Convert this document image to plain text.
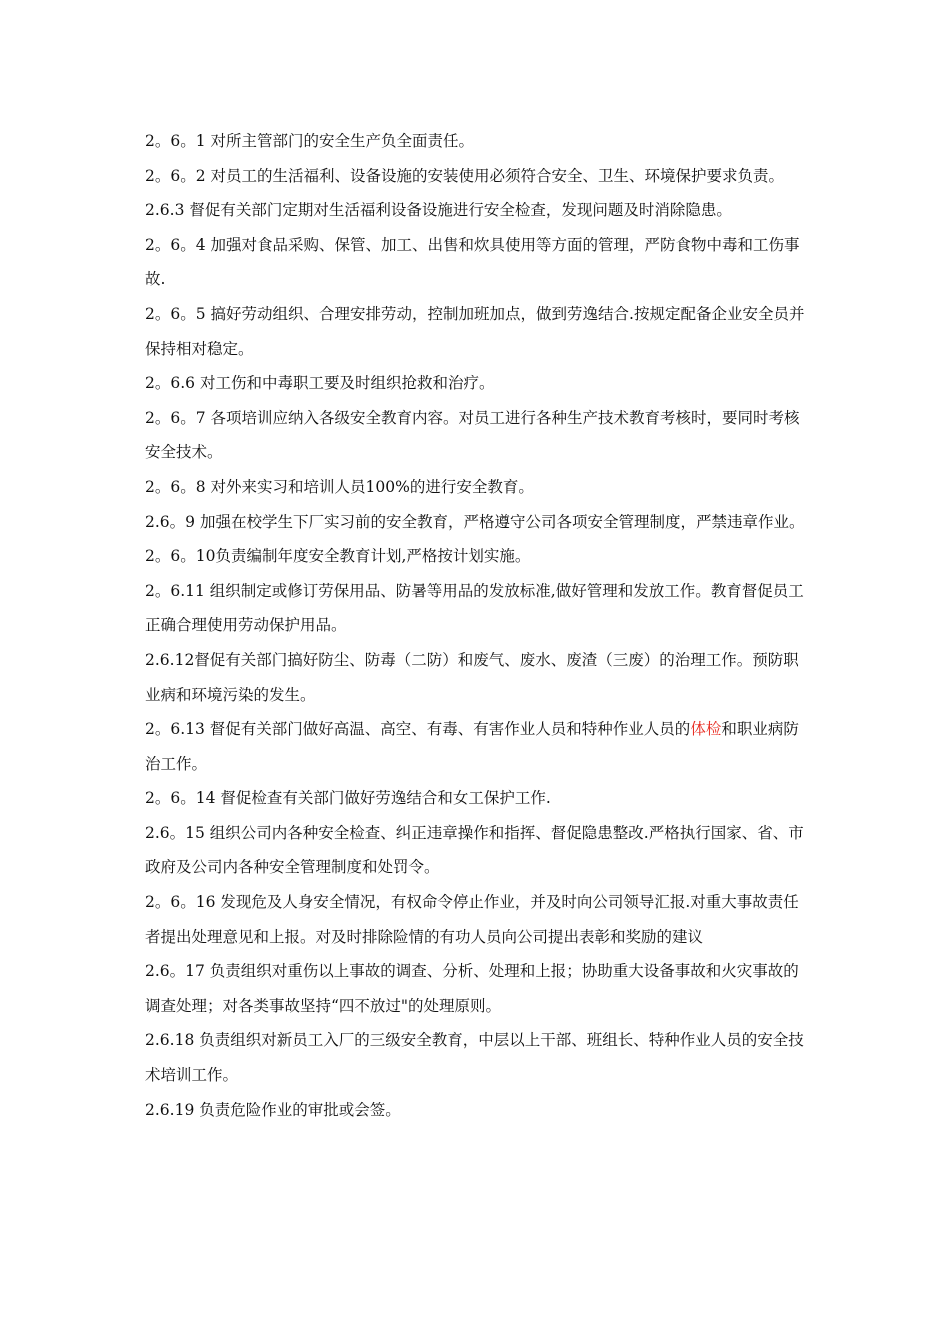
2。6。1 对所主管部门的安全生产负全面责任。

2。6。2 对员工的生活福利、设备设施的安装使用必须符合安全、卫生、环境保护要求负责。

2.6.3 督促有关部门定期对生活福利设备设施进行安全检查，发现问题及时消除隐患。

2。6。4 加强对食品采购、保管、加工、出售和炊具使用等方面的管理，严防食物中毒和工伤事故.

2。6。5 搞好劳动组织、合理安排劳动，控制加班加点，做到劳逸结合.按规定配备企业安全员并保持相对稳定。

2。6.6 对工伤和中毒职工要及时组织抢救和治疗。

2。6。7 各项培训应纳入各级安全教育内容。对员工进行各种生产技术教育考核时，要同时考核安全技术。

2。6。8 对外来实习和培训人员100%的进行安全教育。

2.6。9 加强在校学生下厂实习前的安全教育，严格遵守公司各项安全管理制度，严禁违章作业。

2。6。10负责编制年度安全教育计划,严格按计划实施。

2。6.11 组织制定或修订劳保用品、防暑等用品的发放标准,做好管理和发放工作。教育督促员工正确合理使用劳动保护用品。

2.6.12督促有关部门搞好防尘、防毒（二防）和废气、废水、废渣（三废）的治理工作。预防职业病和环境污染的发生。

2。6.13 督促有关部门做好高温、高空、有毒、有害作业人员和特种作业人员的体检和职业病防治工作。

2。6。14 督促检查有关部门做好劳逸结合和女工保护工作.

2.6。15 组织公司内各种安全检查、纠正违章操作和指挥、督促隐患整改.严格执行国家、省、市政府及公司内各种安全管理制度和处罚令。

2。6。16 发现危及人身安全情况，有权命令停止作业，并及时向公司领导汇报.对重大事故责任者提出处理意见和上报。对及时排除险情的有功人员向公司提出表彰和奖励的建议

2.6。17 负责组织对重伤以上事故的调查、分析、处理和上报；协助重大设备事故和火灾事故的调查处理；对各类事故坚持“四不放过"的处理原则。

2.6.18 负责组织对新员工入厂的三级安全教育，中层以上干部、班组长、特种作业人员的安全技术培训工作。

2.6.19 负责危险作业的审批或会签。
